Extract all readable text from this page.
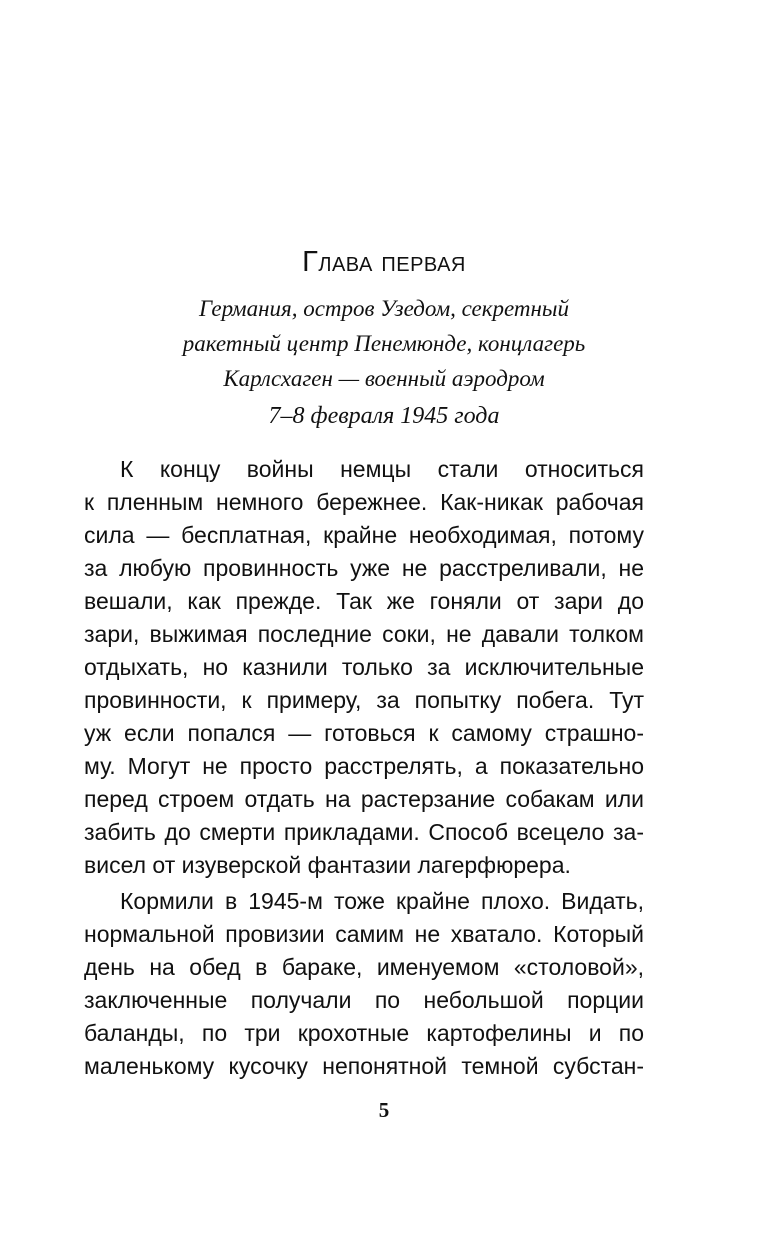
Глава первая

Германия, остров Узедом, секретный

ракетный центр Пенемюнде, концлагерь

Карлсхаген — военный аэродром

7–8 февраля 1945 года

К концу войны немцы стали относиться

к пленным немного бережнее. Как-никак рабочая

сила — бесплатная, крайне необходимая, потому

за любую провинность уже не расстреливали, не

вешали, как прежде. Так же гоняли от зари до

зари, выжимая последние соки, не давали толком

отдыхать, но казнили только за исключительные

провинности, к примеру, за попытку побега. Тут

уж если попался — готовься к самому страшно-

му. Могут не просто расстрелять, а показательно

перед строем отдать на растерзание собакам или

забить до смерти прикладами. Способ всецело за-

висел от изуверской фантазии лагерфюрера.

Кормили в 1945-м тоже крайне плохо. Видать,

нормальной провизии самим не хватало. Который

день на обед в бараке, именуемом «столовой»,

заключенные получали по небольшой порции

баланды, по три крохотные картофелины и по

маленькому кусочку непонятной темной субстан-

5
